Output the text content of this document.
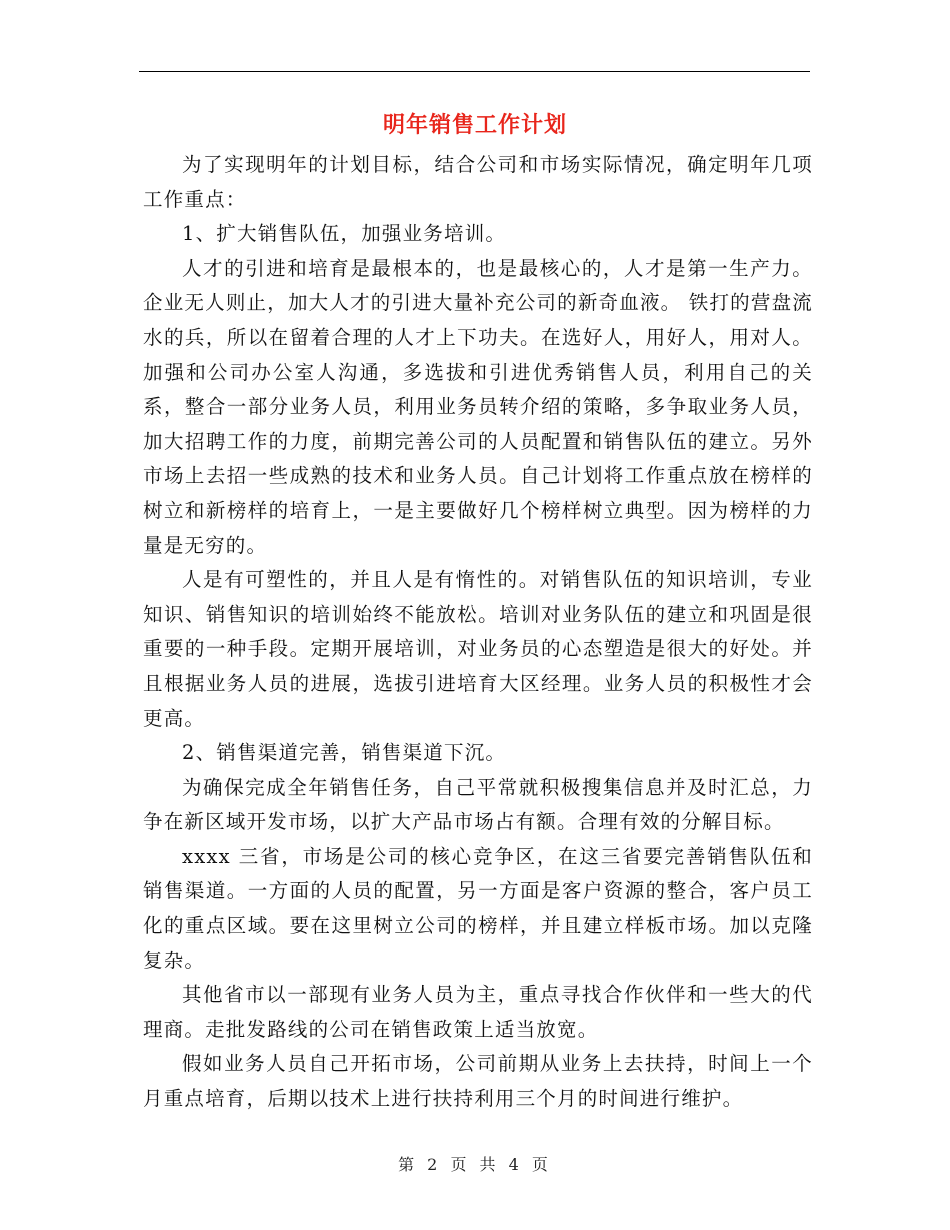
明年销售工作计划

为了实现明年的计划目标，结合公司和市场实际情况，确定明年几项工作重点：

1、扩大销售队伍，加强业务培训。

人才的引进和培育是最根本的，也是最核心的，人才是第一生产力。企业无人则止，加大人才的引进大量补充公司的新奇血液。 铁打的营盘流水的兵，所以在留着合理的人才上下功夫。在选好人，用好人，用对人。加强和公司办公室人沟通，多选拔和引进优秀销售人员，利用自己的关系，整合一部分业务人员，利用业务员转介绍的策略，多争取业务人员，加大招聘工作的力度，前期完善公司的人员配置和销售队伍的建立。另外市场上去招一些成熟的技术和业务人员。自己计划将工作重点放在榜样的树立和新榜样的培育上，一是主要做好几个榜样树立典型。因为榜样的力量是无穷的。

人是有可塑性的，并且人是有惰性的。对销售队伍的知识培训，专业知识、销售知识的培训始终不能放松。培训对业务队伍的建立和巩固是很重要的一种手段。定期开展培训，对业务员的心态塑造是很大的好处。并且根据业务人员的进展，选拔引进培育大区经理。业务人员的积极性才会更高。

2、销售渠道完善，销售渠道下沉。

为确保完成全年销售任务，自己平常就积极搜集信息并及时汇总，力争在新区域开发市场，以扩大产品市场占有额。合理有效的分解目标。

xxxx 三省，市场是公司的核心竞争区，在这三省要完善销售队伍和销售渠道。一方面的人员的配置，另一方面是客户资源的整合，客户员工化的重点区域。要在这里树立公司的榜样，并且建立样板市场。加以克隆复杂。

其他省市以一部现有业务人员为主，重点寻找合作伙伴和一些大的代理商。走批发路线的公司在销售政策上适当放宽。

假如业务人员自己开拓市场，公司前期从业务上去扶持，时间上一个月重点培育，后期以技术上进行扶持利用三个月的时间进行维护。

第 2 页 共 4 页
